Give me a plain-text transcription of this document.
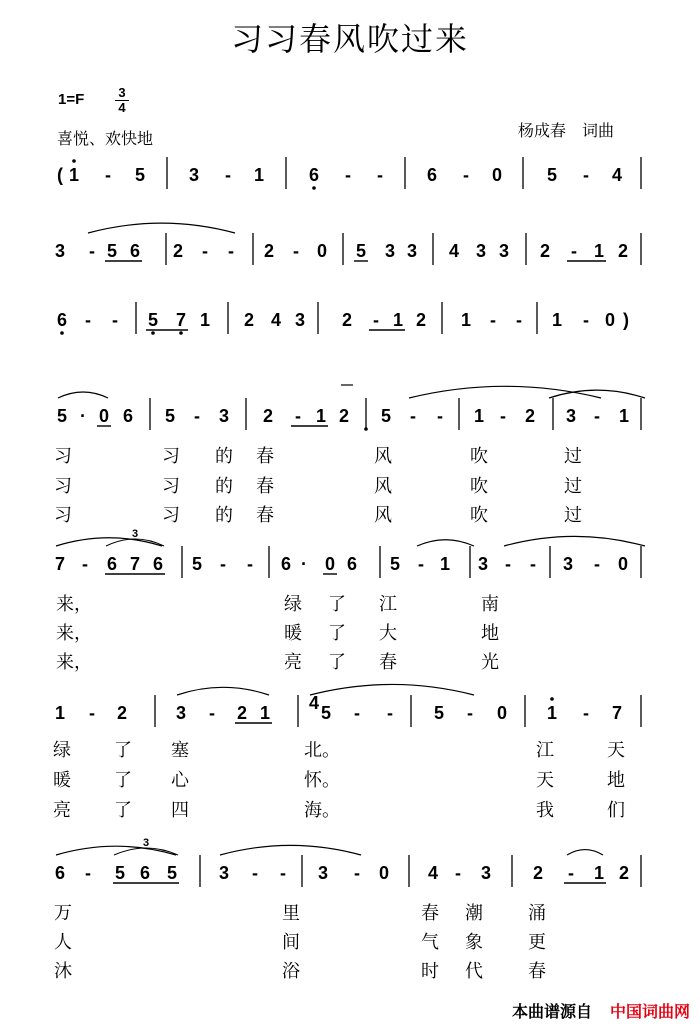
习习春风吹过来
1=F	3
4
喜悦、欢快地	杨成春　词曲
( 1 - 5 3 - 1 6 - - 6 - 0 5 - 4
3 - 5 6 2 - - 2 - 0 5 3 3 4 3 3 2 - 1 2
6 - - 5 7 1 2 4 3 2 - 1 2 1 - - 1 - 0 )
5 · 0 6 5 - 3 2 - 1 2 5 - - 1 - 2 3 - 1
习	习 的 春	风	吹	过
习	习 的 春	风	吹	过
习	习 的 春	风	吹	过
7 - 6 7 6 5 - - 6 · 0 6 5 - 1 3 - - 3 - 0
3
来，	绿 了 江	南
来，	暖 了 大	地
来，	亮 了 春	光
1 - 2	3 - 2 1 4 5 - - 5 - 0 1 - 7
绿 了 塞	北。	江	天
暖 了 心	怀。	天	地
亮 了 四	海。	我	们
6 - 5 6 5 3 - - 3 - 0 4 - 3 2 - 1 2
3
万	里	春 潮	涌
人	间	气 象	更
沐	浴	时 代	春
本曲谱源自 中国词曲网
